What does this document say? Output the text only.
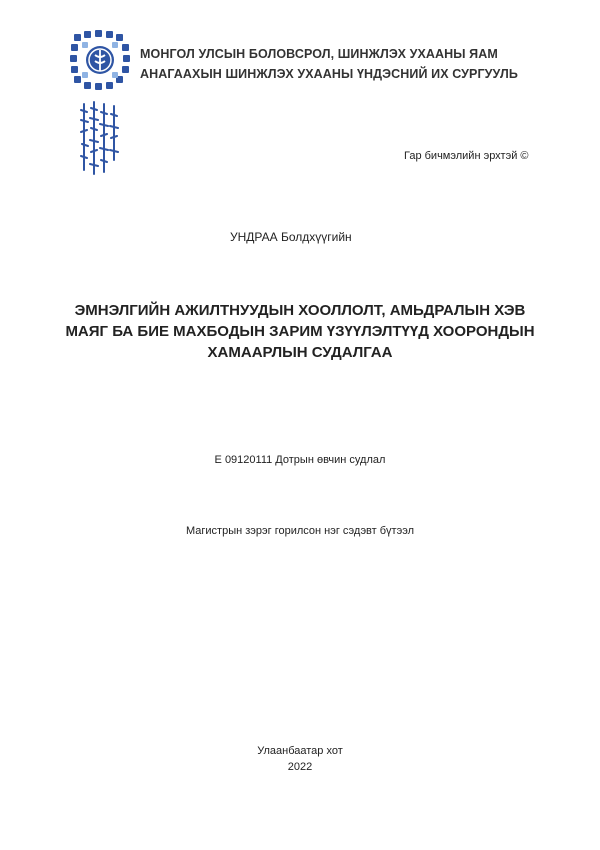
МОНГОЛ УЛСЫН БОЛОВСРОЛ, ШИНЖЛЭХ УХААНЫ ЯАМ
АНАГААХЫН ШИНЖЛЭХ УХААНЫ ҮНДЭСНИЙ ИХ СУРГУУЛЬ
Гар бичмэлийн эрхтэй ©
УНДРАА Болдхүүгийн
ЭМНЭЛГИЙН АЖИЛТНУУДЫН ХООЛЛОЛТ, АМЬДРАЛЫН ХЭВ
МАЯГ БА БИЕ МАХБОДЫН ЗАРИМ ҮЗҮҮЛЭЛТҮҮД ХООРОНДЫН
ХАМААРЛЫН СУДАЛГАА
Е 09120111 Дотрын өвчин судлал
Магистрын зэрэг горилсон нэг сэдэвт бүтээл
Улаанбаатар хот
2022
